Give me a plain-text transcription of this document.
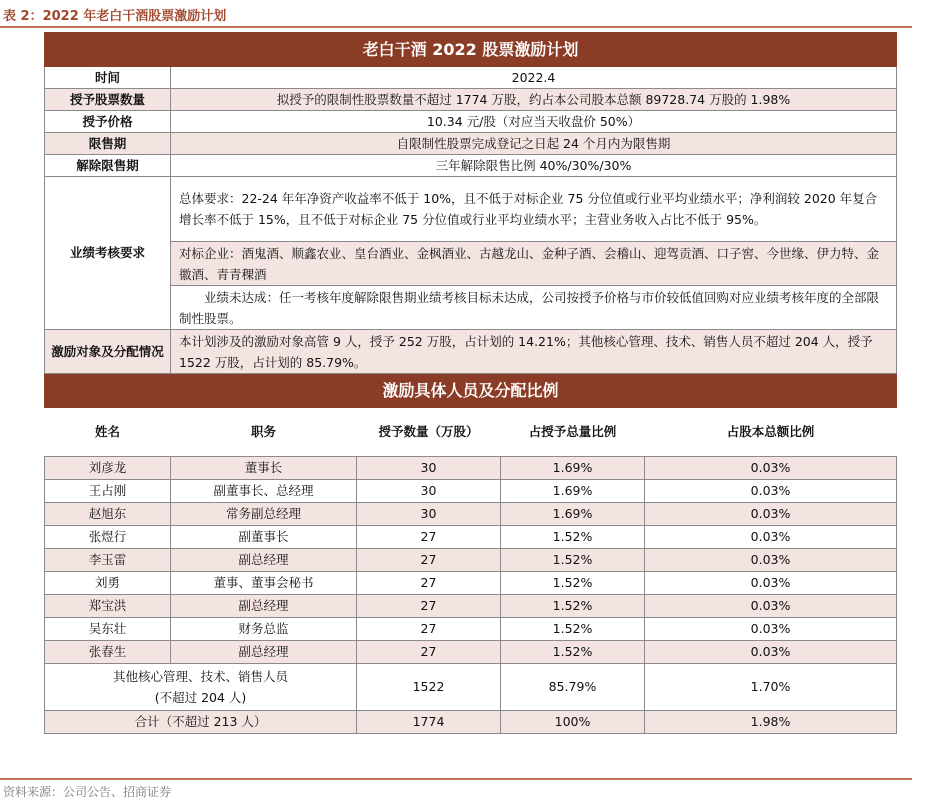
表 2：2022 年老白干酒股票激励计划
老白干酒 2022 股票激励计划				
时间	2022.4			
授予股票数量	拟授予的限制性股票数量不超过 1774 万股，约占本公司股本总额 89728.74 万股的 1.98%			
授予价格	10.34 元/股（对应当天收盘价 50%）			
限售期	自限制性股票完成登记之日起 24 个月内为限售期			
解除限售期	三年解除限售比例 40%/30%/30%			
业绩考核要求	总体要求：22-24 年年净资产收益率不低于 10%，且不低于对标企业 75 分位值或行业平均业绩水平；净利润较 2020 年复合增长率不低于 15%，且不低于对标企业 75 分位值或行业平均业绩水平；主营业务收入占比不低于 95%。			
	对标企业：酒鬼酒、顺鑫农业、皇台酒业、金枫酒业、古越龙山、金种子酒、会稽山、迎驾贡酒、口子窖、今世缘、伊力特、金徽酒、青青稞酒			
	业绩未达成：任一考核年度解除限售期业绩考核目标未达成，公司按授予价格与市价较低值回购对应业绩考核年度的全部限制性股票。			
激励对象及分配情况	本计划涉及的激励对象高管 9 人，授予 252 万股，占计划的 14.21%；其他核心管理、技术、销售人员不超过 204 人，授予 1522 万股，占计划的 85.79%。			
激励具体人员及分配比例				
姓名	职务	授予数量（万股）	占授予总量比例	占股本总额比例
刘彦龙	董事长	30	1.69%	0.03%
王占刚	副董事长、总经理	30	1.69%	0.03%
赵旭东	常务副总经理	30	1.69%	0.03%
张煜行	副董事长	27	1.52%	0.03%
李玉雷	副总经理	27	1.52%	0.03%
刘勇	董事、董事会秘书	27	1.52%	0.03%
郑宝洪	副总经理	27	1.52%	0.03%
吴东壮	财务总监	27	1.52%	0.03%
张春生	副总经理	27	1.52%	0.03%

其他核心管理、技术、销售人员
(不超过 204 人)		1522	85.79%	1.70%
合计（不超过 213 人）		1774	100%	1.98%
资料来源：公司公告、招商证券
